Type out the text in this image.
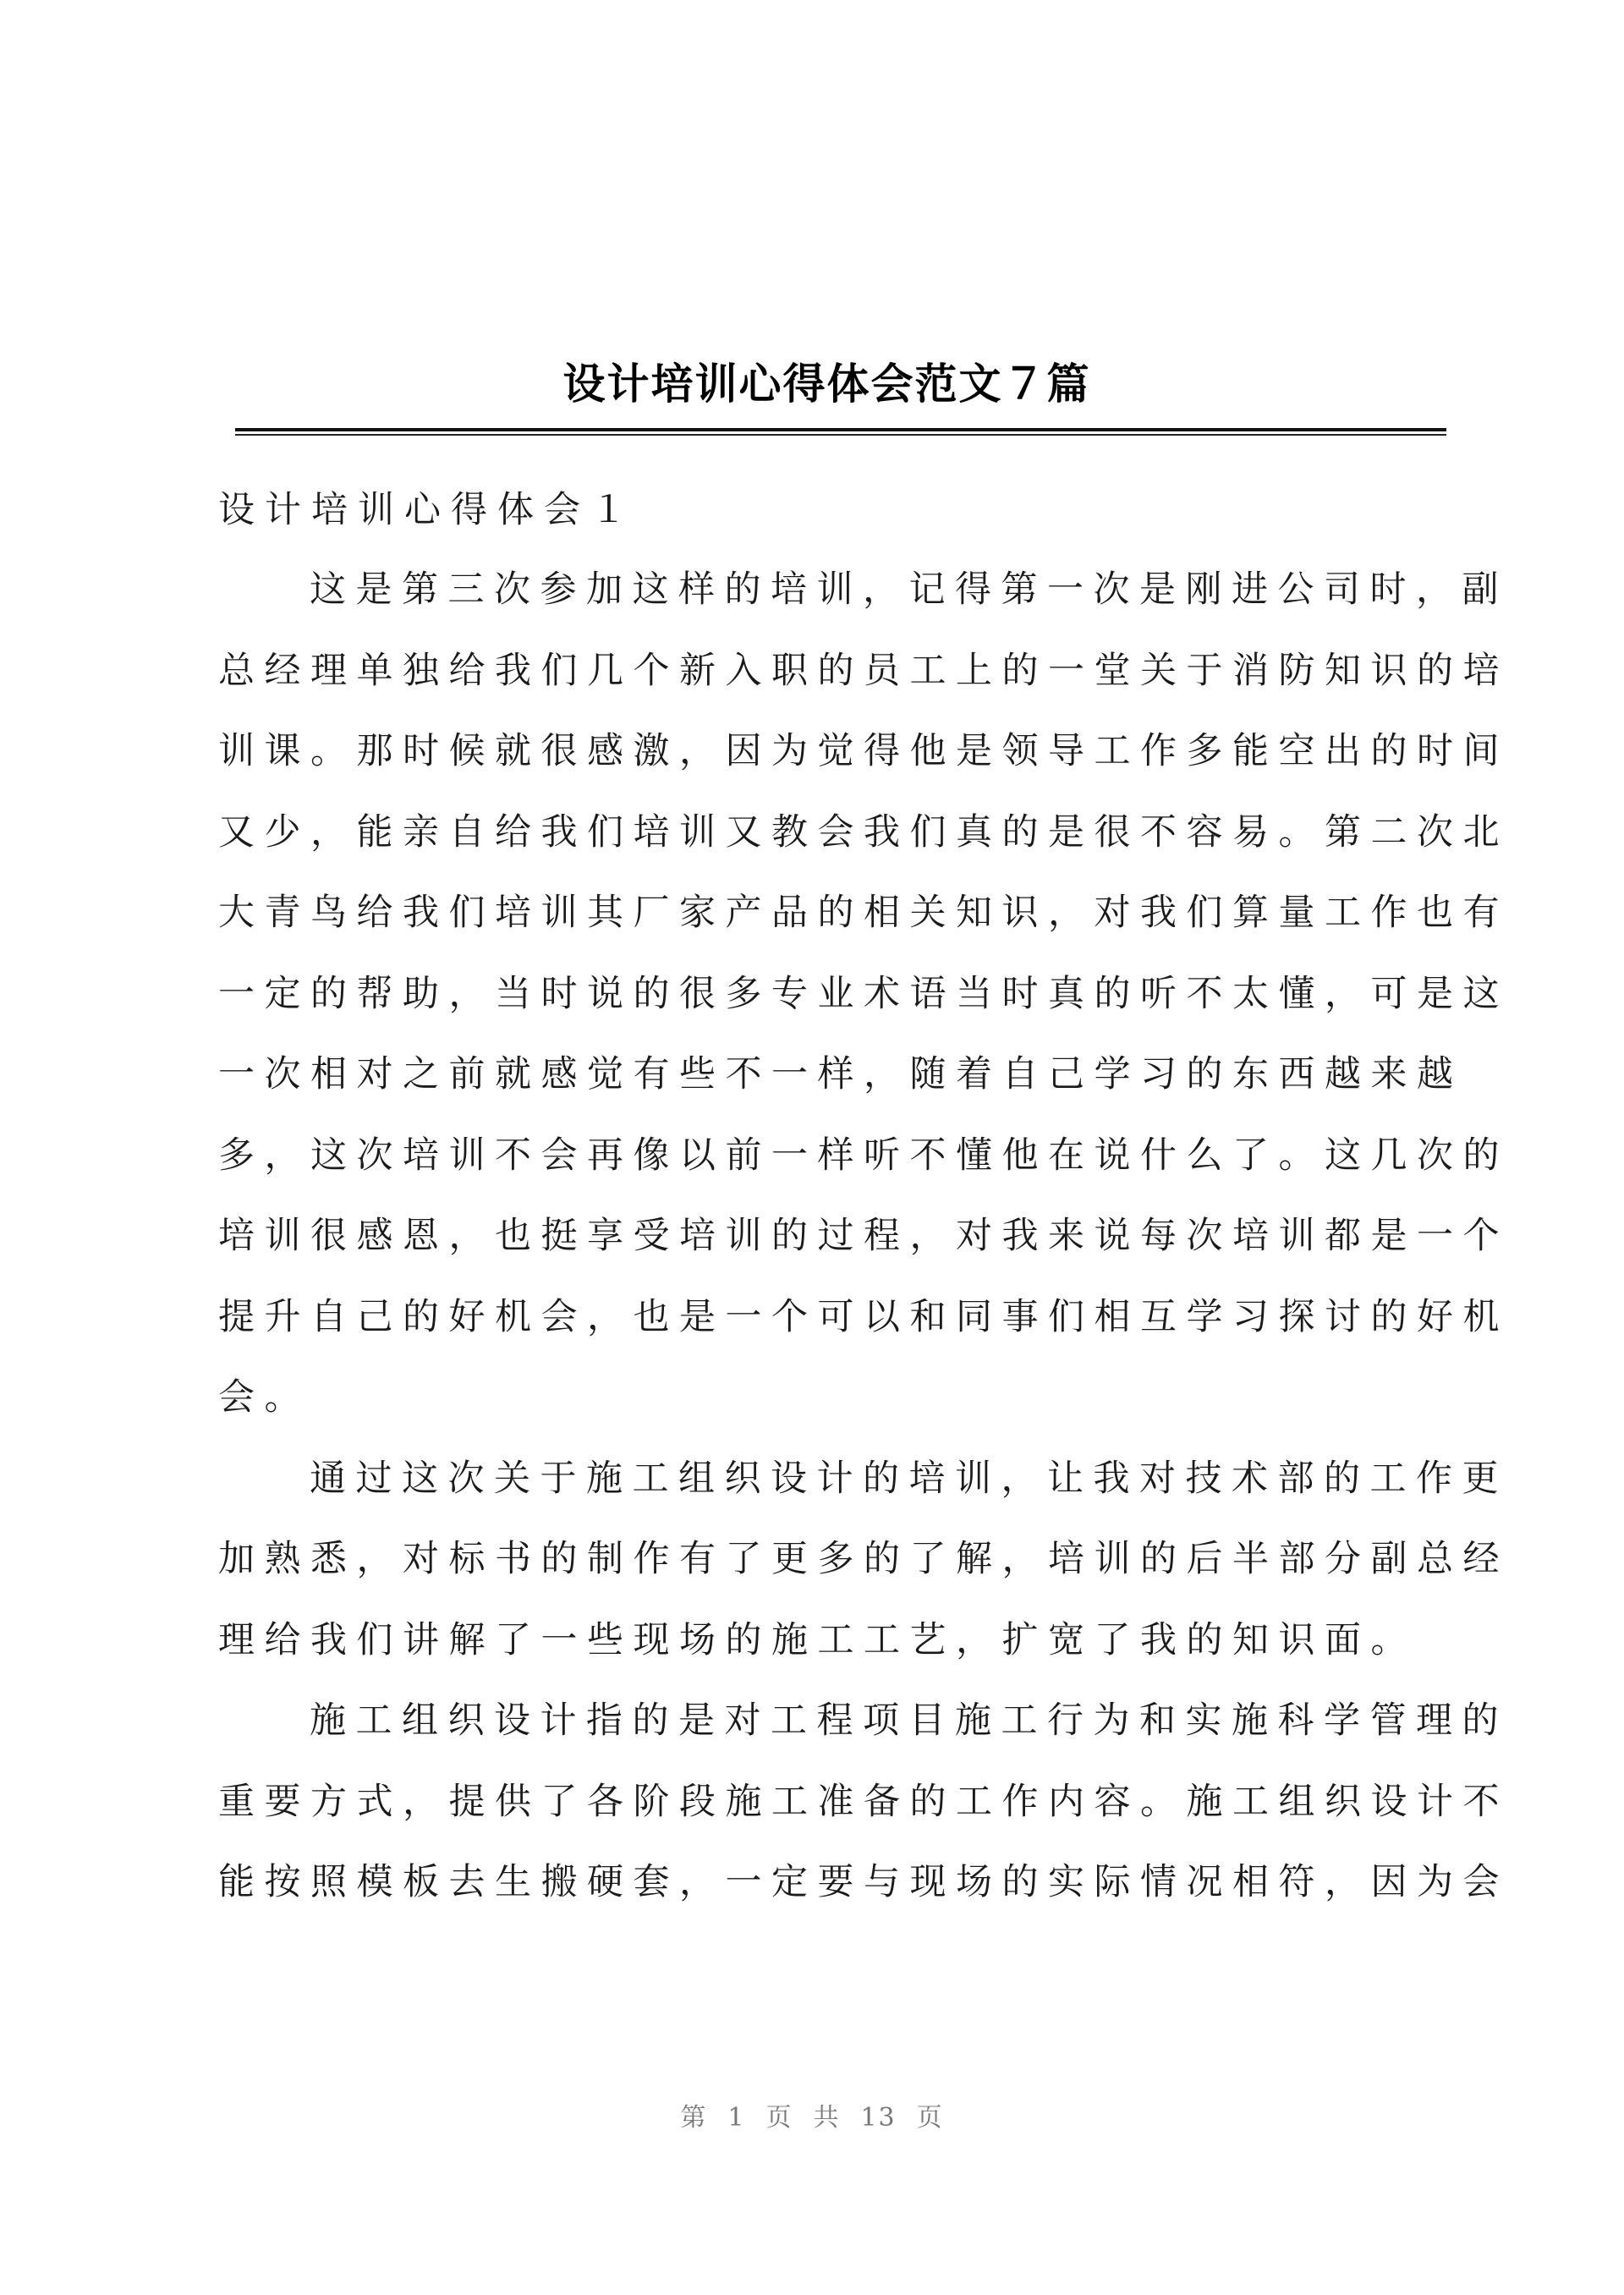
设计培训心得体会范文７篇
设计培训心得体会１

这是第三次参加这样的培训，记得第一次是刚进公司时，副
总经理单独给我们几个新入职的员工上的一堂关于消防知识的培
训课。那时候就很感激，因为觉得他是领导工作多能空出的时间
又少，能亲自给我们培训又教会我们真的是很不容易。第二次北
大青鸟给我们培训其厂家产品的相关知识，对我们算量工作也有
一定的帮助，当时说的很多专业术语当时真的听不太懂，可是这
一次相对之前就感觉有些不一样，随着自己学习的东西越来越
多，这次培训不会再像以前一样听不懂他在说什么了。这几次的
培训很感恩，也挺享受培训的过程，对我来说每次培训都是一个
提升自己的好机会，也是一个可以和同事们相互学习探讨的好机
会。

通过这次关于施工组织设计的培训，让我对技术部的工作更
加熟悉，对标书的制作有了更多的了解，培训的后半部分副总经
理给我们讲解了一些现场的施工工艺，扩宽了我的知识面。

施工组织设计指的是对工程项目施工行为和实施科学管理的
重要方式，提供了各阶段施工准备的工作内容。施工组织设计不
能按照模板去生搬硬套，一定要与现场的实际情况相符，因为会

第 1 页 共 13 页
